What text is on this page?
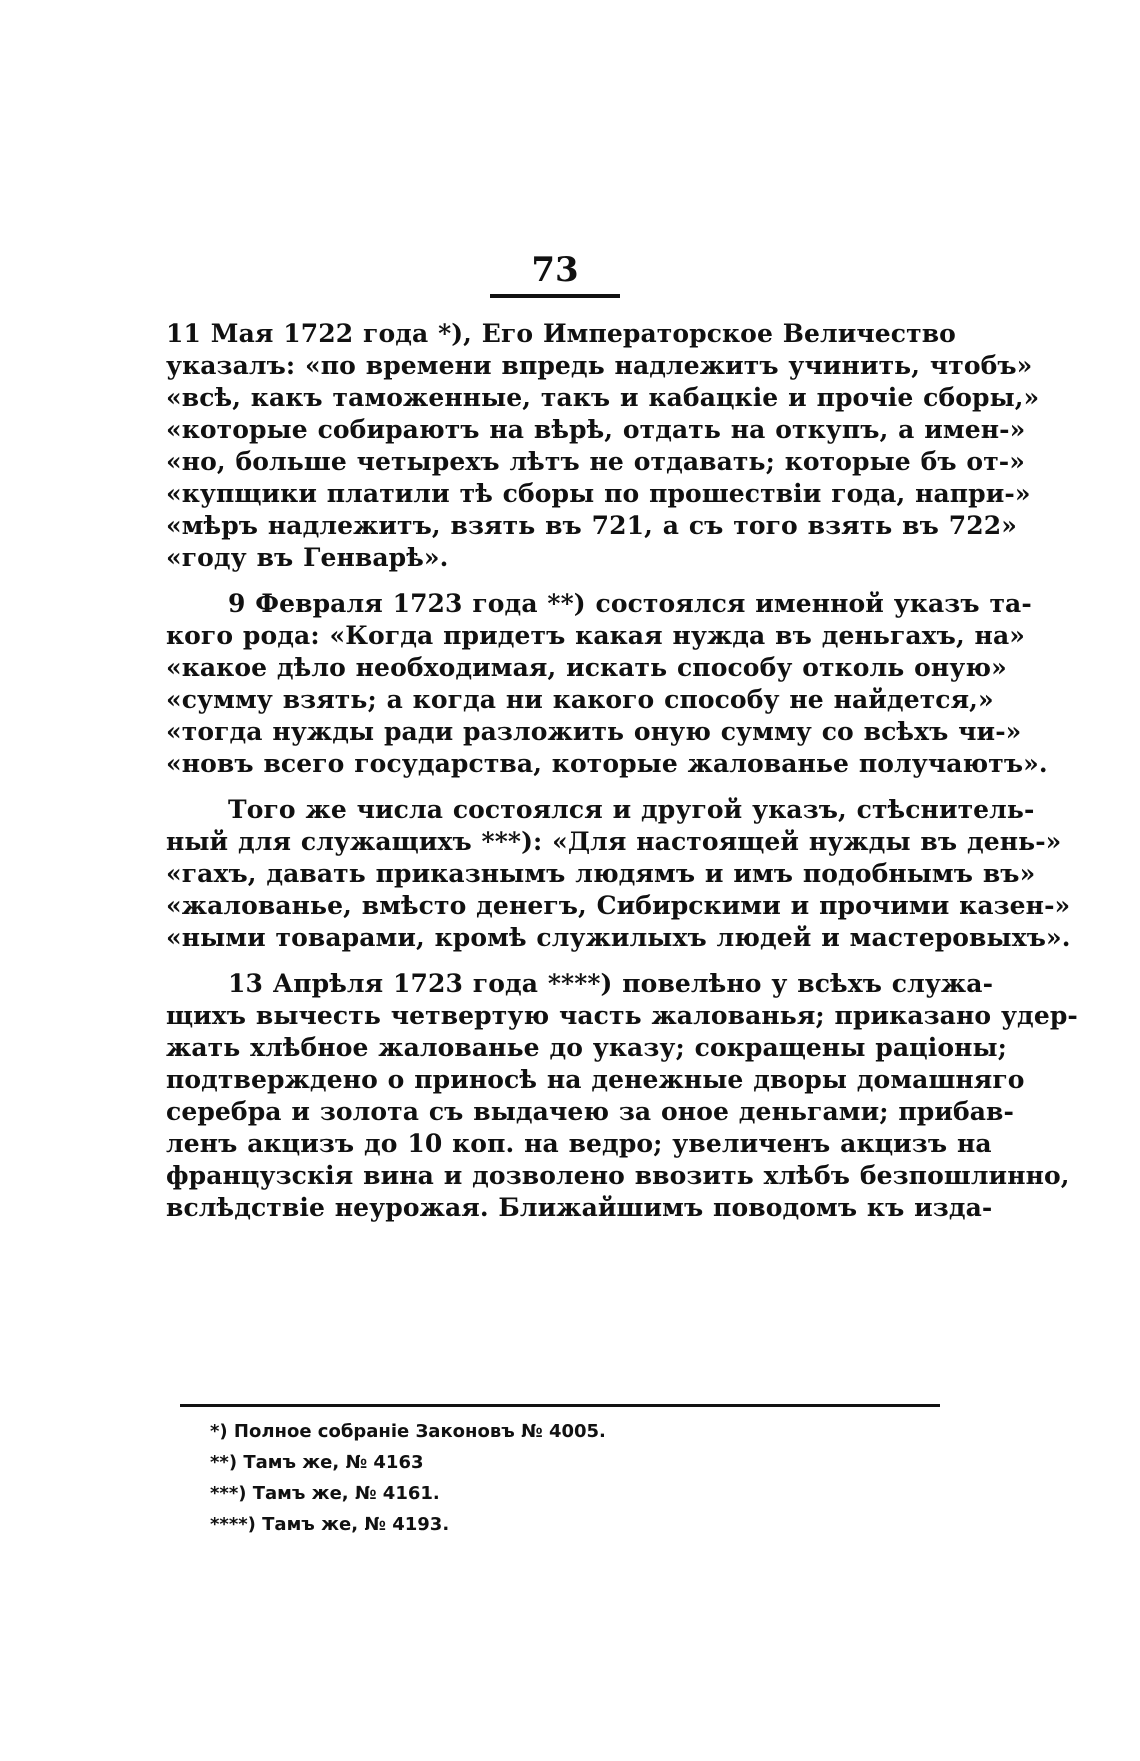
73
11 Мая 1722 года *), Его Императорское Величество
указалъ: «по времени впредь надлежитъ учинить, чтобъ»
«всѣ, какъ таможенные, такъ и кабацкіе и прочіе сборы,»
«которые собираютъ на вѣрѣ, отдать на откупъ, а имен-»
«но, больше четырехъ лѣтъ не отдавать; которые бъ от-»
«купщики платили тѣ сборы по прошествіи года, напри-»
«мѣръ надлежитъ, взять въ 721, а съ того взять въ 722»
«году въ Генварѣ».
9 Февраля 1723 года **) состоялся именной указъ та-
кого рода: «Когда придетъ какая нужда въ деньгахъ, на»
«какое дѣло необходимая, искать способу отколь оную»
«сумму взять; а когда ни какого способу не найдется,»
«тогда нужды ради разложить оную сумму со всѣхъ чи-»
«новъ всего государства, которые жалованье получаютъ».
Того же числа состоялся и другой указъ, стѣснитель-
ный для служащихъ ***): «Для настоящей нужды въ день-»
«гахъ, давать приказнымъ людямъ и имъ подобнымъ въ»
«жалованье, вмѣсто денегъ, Сибирскими и прочими казен-»
«ными товарами, кромѣ служилыхъ людей и мастеровыхъ».
13 Апрѣля 1723 года ****) повелѣно у всѣхъ служа-
щихъ вычесть четвертую часть жалованья; приказано удер-
жать хлѣбное жалованье до указу; сокращены раціоны;
подтверждено о приносѣ на денежные дворы домашняго
серебра и золота съ выдачею за оное деньгами; прибав-
ленъ акцизъ до 10 коп. на ведро; увеличенъ акцизъ на
французскія вина и дозволено ввозить хлѣбъ безпошлинно,
вслѣдствіе неурожая. Ближайшимъ поводомъ къ изда-
*) Полное собраніе Законовъ № 4005.
**) Тамъ же, № 4163
***) Тамъ же, № 4161.
****) Тамъ же, № 4193.
